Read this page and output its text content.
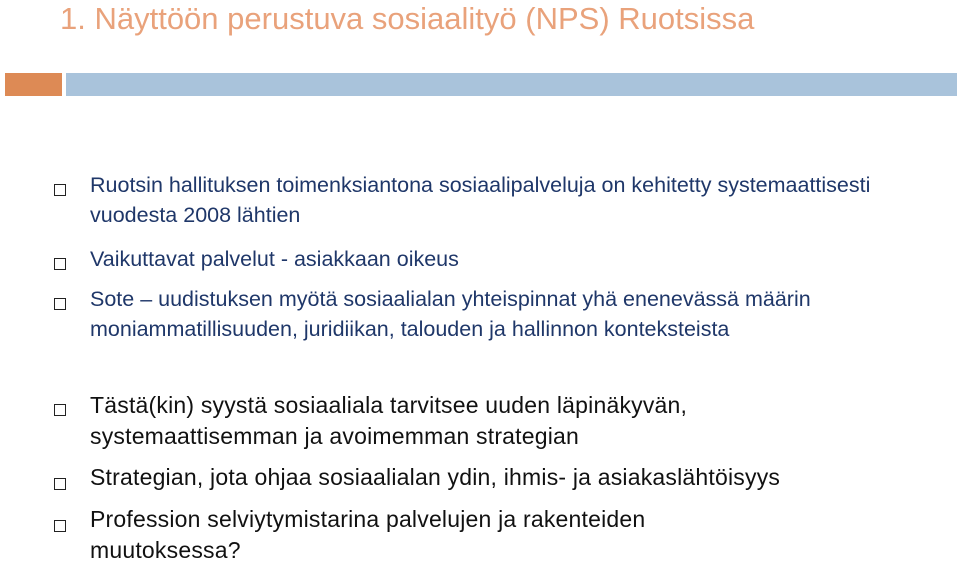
1. Näyttöön perustuva sosiaalityö (NPS) Ruotsissa

Ruotsin hallituksen toimenksiantona sosiaalipalveluja on kehitetty systemaattisesti vuodesta 2008 lähtien

Vaikuttavat palvelut - asiakkaan oikeus

Sote – uudistuksen myötä sosiaalialan yhteispinnat yhä enenevässä määrin moniammatillisuuden, juridiikan, talouden ja hallinnon konteksteista

Tästä(kin) syystä sosiaaliala tarvitsee uuden läpinäkyvän, systemaattisemman ja avoimemman strategian

Strategian, jota ohjaa sosiaalialan ydin, ihmis- ja asiakaslähtöisyys

Profession selviytymistarina palvelujen ja rakenteiden muutoksessa?
